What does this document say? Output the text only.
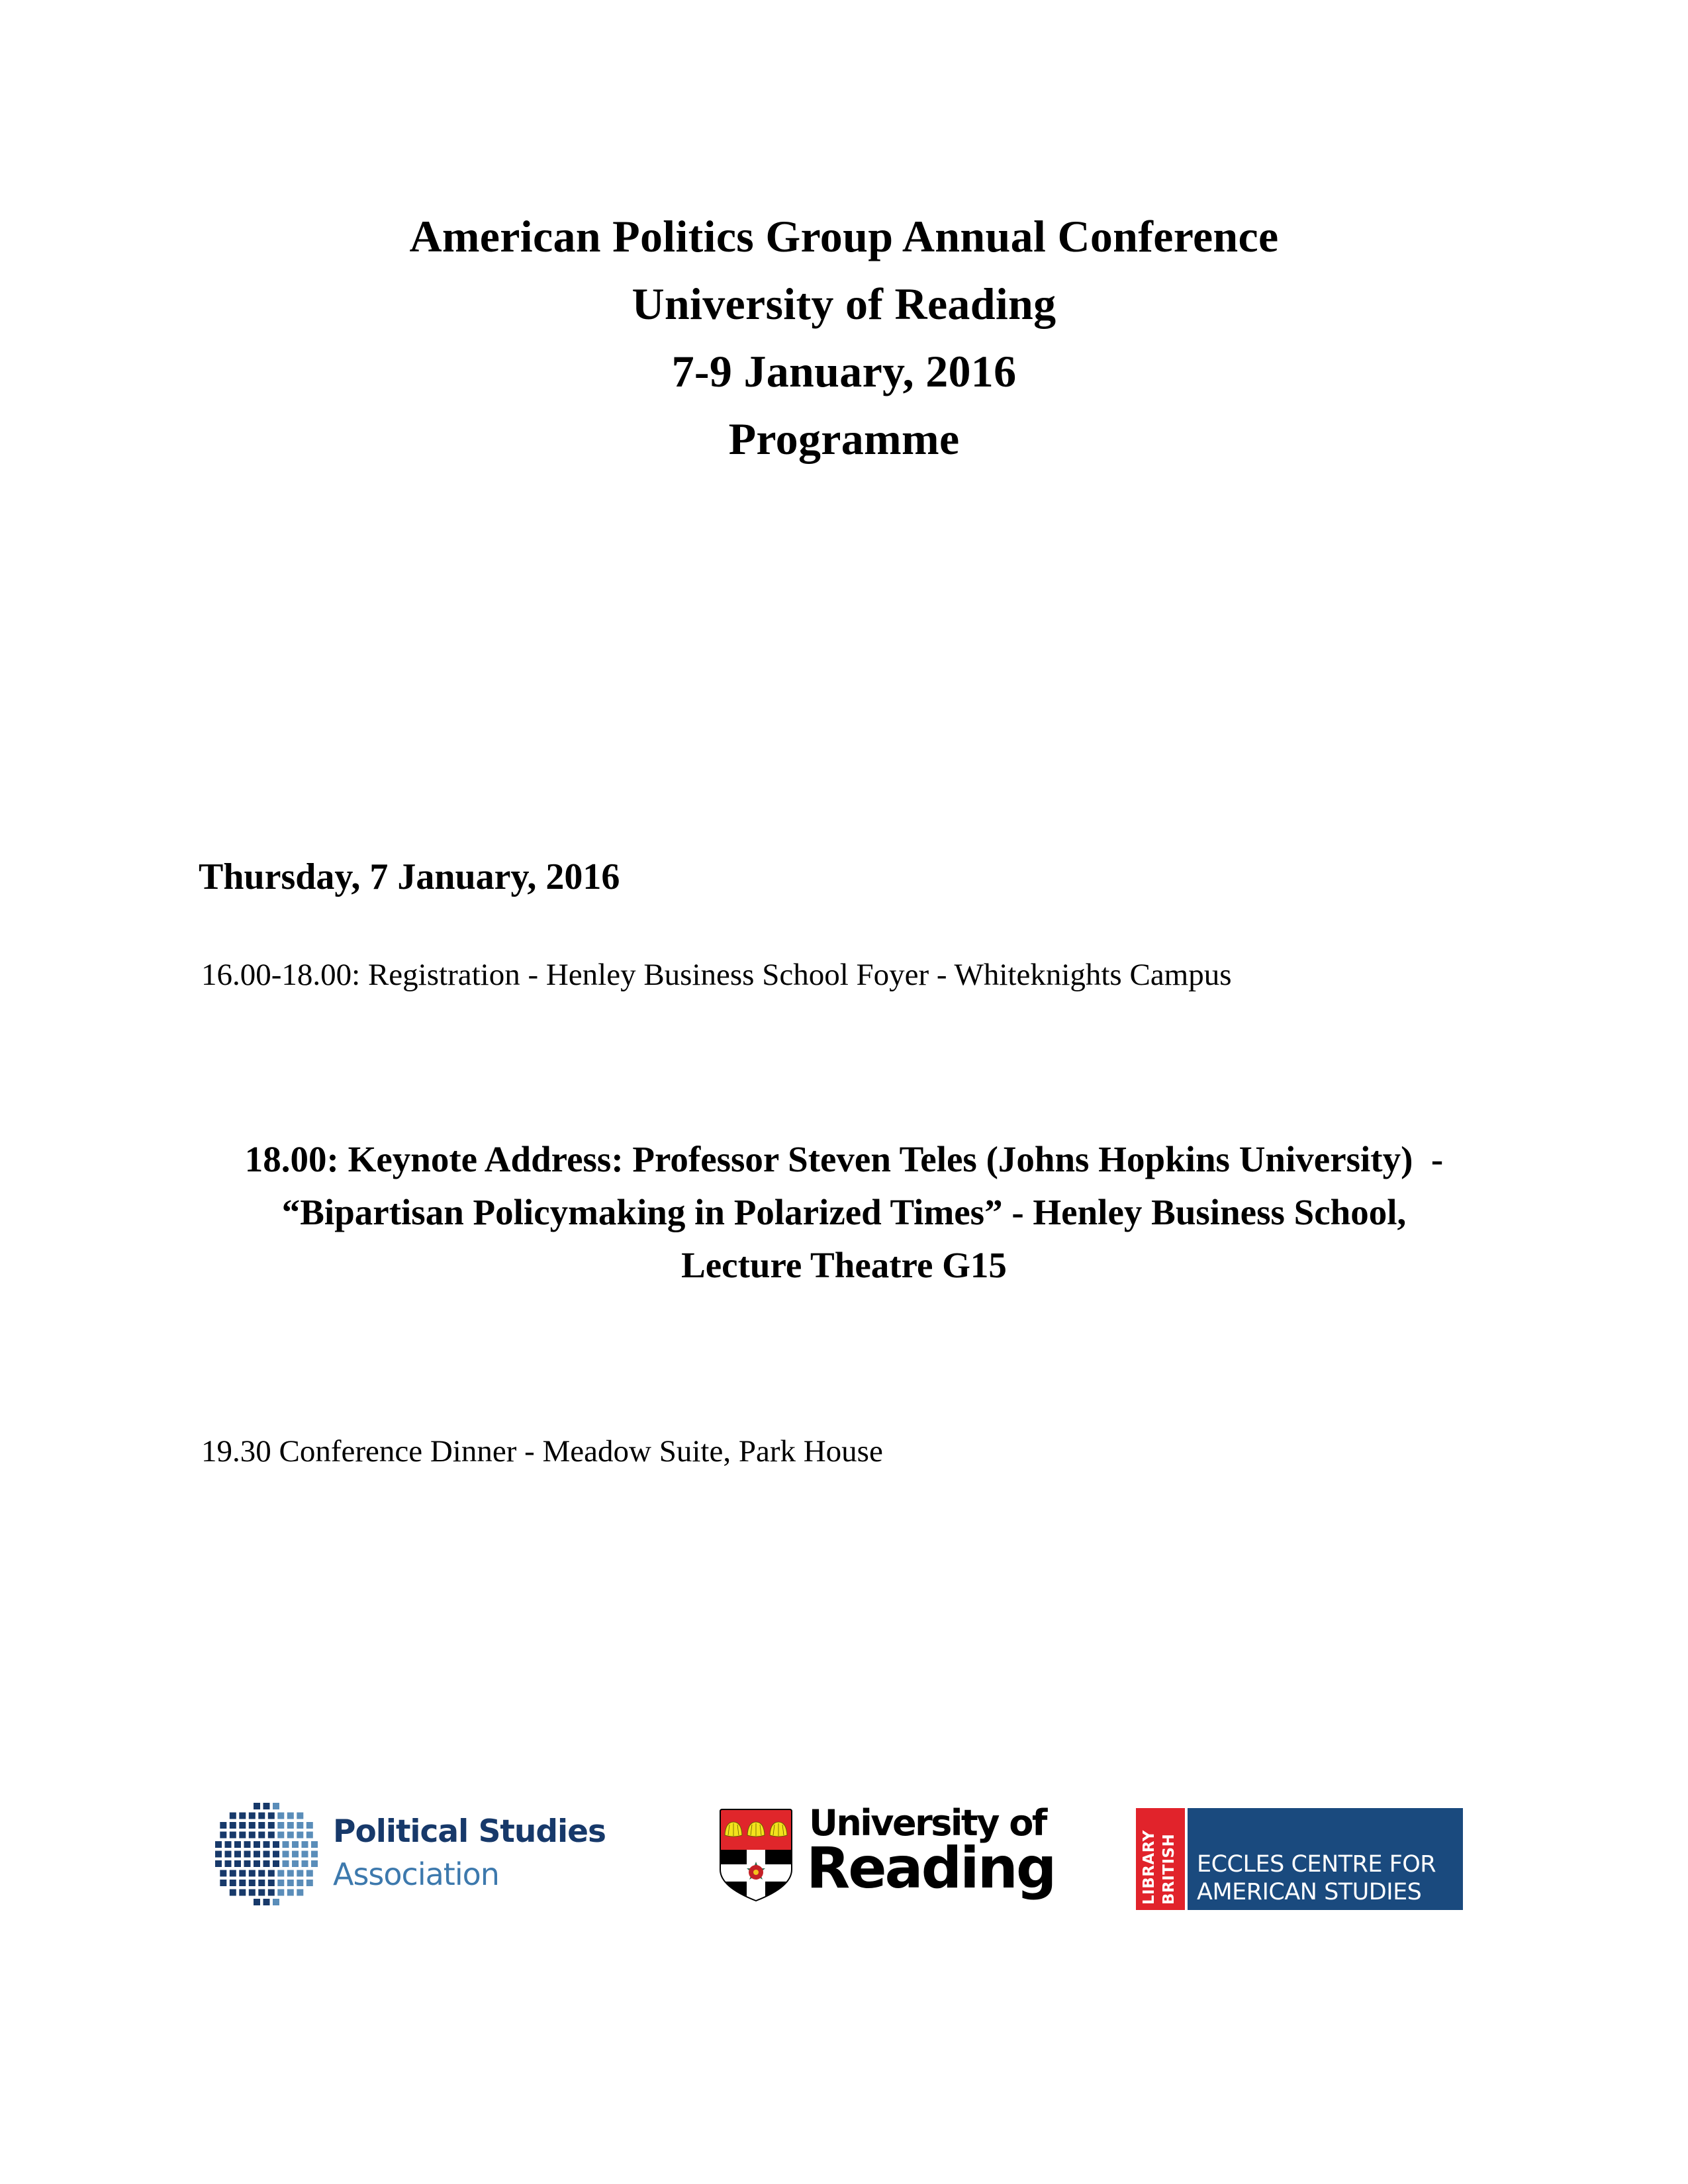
American Politics Group Annual Conference
University of Reading
7-9 January, 2016
Programme
Thursday, 7 January, 2016
16.00-18.00: Registration - Henley Business School Foyer - Whiteknights Campus
18.00: Keynote Address: Professor Steven Teles (Johns Hopkins University)  -
“Bipartisan Policymaking in Polarized Times” - Henley Business School,
Lecture Theatre G15
19.30 Conference Dinner - Meadow Suite, Park House
Political Studies
Association
University of
Reading	LIBRARY BRITISH ECCLES CENTRE FOR
AMERICAN STUDIES
